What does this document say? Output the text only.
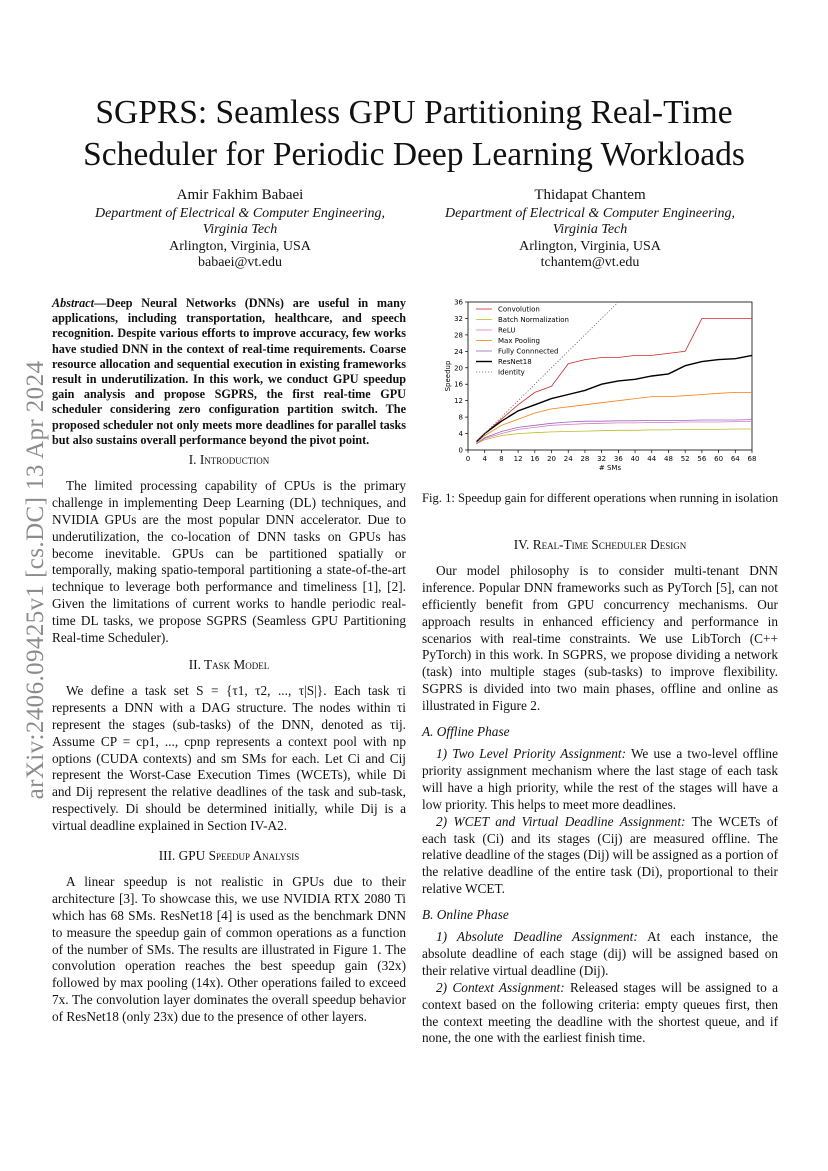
arXiv:2406.09425v1 [cs.DC] 13 Apr 2024
SGPRS: Seamless GPU Partitioning Real-Time
Scheduler for Periodic Deep Learning Workloads
Amir Fakhim Babaei
Department of Electrical & Computer Engineering,
Virginia Tech
Arlington, Virginia, USA
babaei@vt.edu
Thidapat Chantem
Department of Electrical & Computer Engineering,
Virginia Tech
Arlington, Virginia, USA
tchantem@vt.edu
Abstract—Deep Neural Networks (DNNs) are useful in many applications, including transportation, healthcare, and speech recognition. Despite various efforts to improve accuracy, few works have studied DNN in the context of real-time requirements. Coarse resource allocation and sequential execution in existing frameworks result in underutilization. In this work, we conduct GPU speedup gain analysis and propose SGPRS, the first real-time GPU scheduler considering zero configuration partition switch. The proposed scheduler not only meets more deadlines for parallel tasks but also sustains overall performance beyond the pivot point.
I. Introduction

The limited processing capability of CPUs is the primary challenge in implementing Deep Learning (DL) techniques, and NVIDIA GPUs are the most popular DNN accelerator. Due to underutilization, the co-location of DNN tasks on GPUs has become inevitable. GPUs can be partitioned spatially or temporally, making spatio-temporal partitioning a state-of-the-art technique to leverage both performance and timeliness [1], [2]. Given the limitations of current works to handle periodic real-time DL tasks, we propose SGPRS (Seamless GPU Partitioning Real-time Scheduler).

II. Task Model

We define a task set S = {τ1, τ2, ..., τ|S|}. Each task τi represents a DNN with a DAG structure. The nodes within τi represent the stages (sub-tasks) of the DNN, denoted as τij. Assume CP = cp1, ..., cpnp represents a context pool with np options (CUDA contexts) and sm SMs for each. Let Ci and Cij represent the Worst-Case Execution Times (WCETs), while Di and Dij represent the relative deadlines of the task and sub-task, respectively. Di should be determined initially, while Dij is a virtual deadline explained in Section IV-A2.

III. GPU Speedup Analysis

A linear speedup is not realistic in GPUs due to their architecture [3]. To showcase this, we use NVIDIA RTX 2080 Ti which has 68 SMs. ResNet18 [4] is used as the benchmark DNN to measure the speedup gain of common operations as a function of the number of SMs. The results are illustrated in Figure 1. The convolution operation reaches the best speedup gain (32x) followed by max pooling (14x). Other operations failed to exceed 7x. The convolution layer dominates the overall speedup behavior of ResNet18 (only 23x) due to the presence of other layers.

0 4 8 12 16 20 24 28 32 36 40 44 48 52 56 60 64 68
0
4
8
12
16
20
24
28
32
36
# SMs
Speedup
Convolution
Batch Normalization
ReLU
Max Pooling
Fully Connnected
ResNet18
Identity
Fig. 1: Speedup gain for different operations when running in isolation
IV. Real-Time Scheduler Design

Our model philosophy is to consider multi-tenant DNN inference. Popular DNN frameworks such as PyTorch [5], can not efficiently benefit from GPU concurrency mechanisms. Our approach results in enhanced efficiency and performance in scenarios with real-time constraints. We use LibTorch (C++ PyTorch) in this work. In SGPRS, we propose dividing a network (task) into multiple stages (sub-tasks) to improve flexibility. SGPRS is divided into two main phases, offline and online as illustrated in Figure 2.

A. Offline Phase

1) Two Level Priority Assignment: We use a two-level offline priority assignment mechanism where the last stage of each task will have a high priority, while the rest of the stages will have a low priority. This helps to meet more deadlines.

2) WCET and Virtual Deadline Assignment: The WCETs of each task (Ci) and its stages (Cij) are measured offline. The relative deadline of the stages (Dij) will be assigned as a portion of the relative deadline of the entire task (Di), proportional to their relative WCET.

B. Online Phase

1) Absolute Deadline Assignment: At each instance, the absolute deadline of each stage (dij) will be assigned based on their relative virtual deadline (Dij).

2) Context Assignment: Released stages will be assigned to a context based on the following criteria: empty queues first, then the context meeting the deadline with the shortest queue, and if none, the one with the earliest finish time.
